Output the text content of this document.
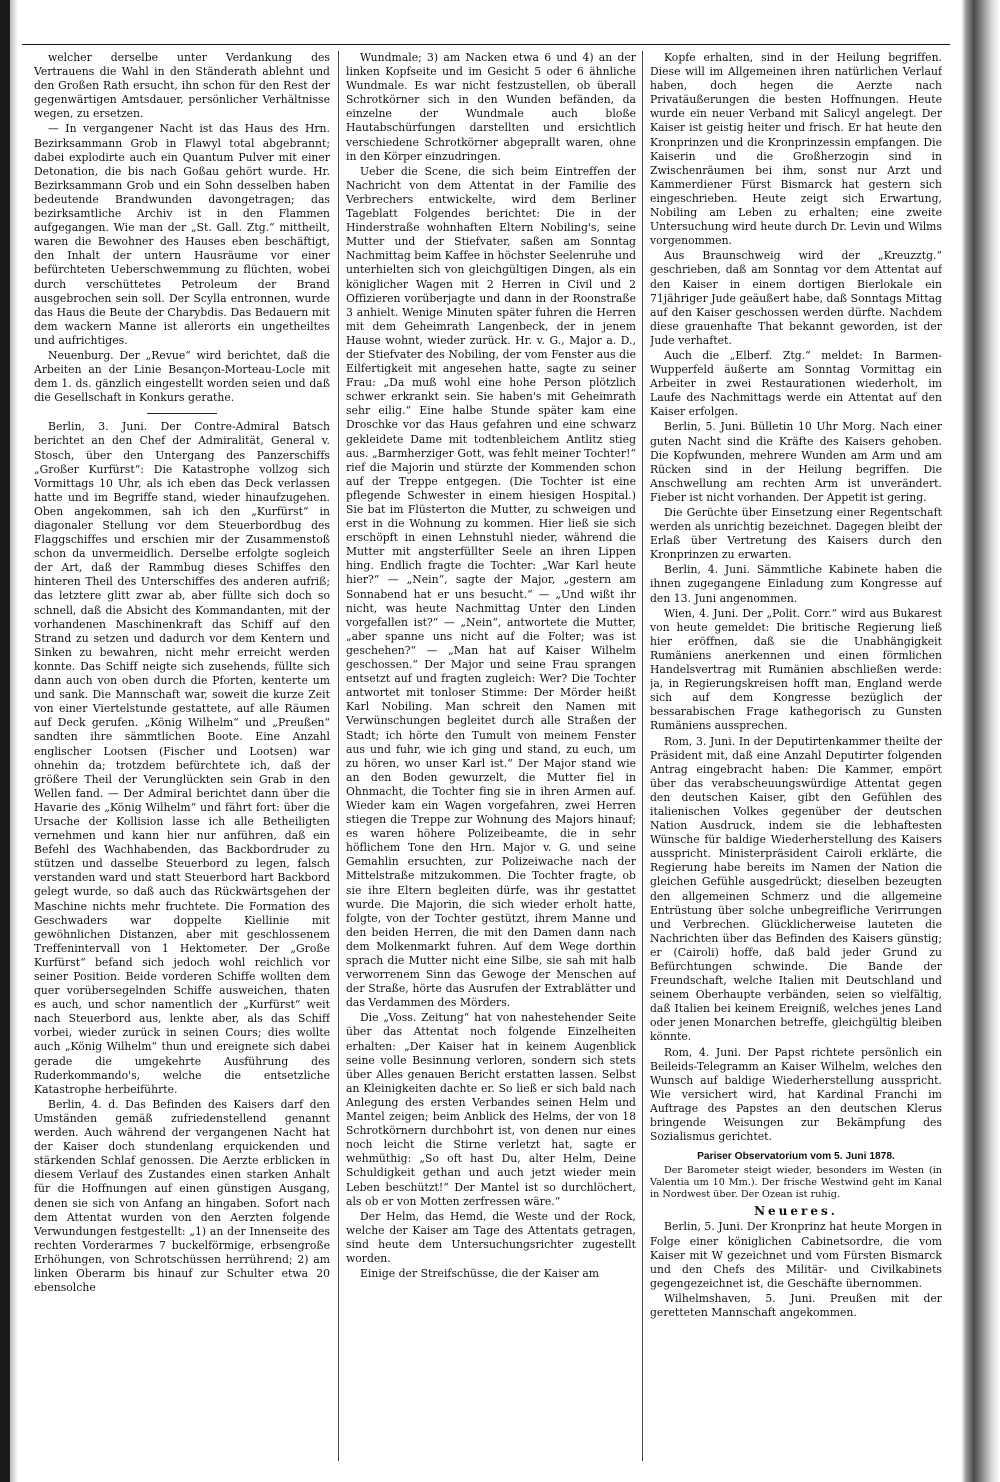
welcher derselbe unter Verdankung des Vertrauens die Wahl in den Ständerath ablehnt und den Großen Rath ersucht, ihn schon für den Rest der gegenwärtigen Amtsdauer, persönlicher Verhältnisse wegen, zu ersetzen.

— In vergangener Nacht ist das Haus des Hrn. Bezirksammann Grob in Flawyl total abgebrannt; dabei explodirte auch ein Quantum Pulver mit einer Detonation, die bis nach Goßau gehört wurde. Hr. Bezirksammann Grob und ein Sohn desselben haben bedeutende Brandwunden davongetragen; das bezirksamtliche Archiv ist in den Flammen aufgegangen. Wie man der „St. Gall. Ztg.“ mittheilt, waren die Bewohner des Hauses eben beschäftigt, den Inhalt der untern Hausräume vor einer befürchteten Ueberschwemmung zu flüchten, wobei durch verschüttetes Petroleum der Brand ausgebrochen sein soll. Der Scylla entronnen, wurde das Haus die Beute der Charybdis. Das Bedauern mit dem wackern Manne ist allerorts ein ungetheiltes und aufrichtiges.

Neuenburg. Der „Revue“ wird berichtet, daß die Arbeiten an der Linie Besançon-Morteau-Locle mit dem 1. ds. gänzlich eingestellt worden seien und daß die Gesellschaft in Konkurs gerathe.

Berlin, 3. Juni. Der Contre-Admiral Batsch berichtet an den Chef der Admiralität, General v. Stosch, über den Untergang des Panzerschiffs „Großer Kurfürst“: Die Katastrophe vollzog sich Vormittags 10 Uhr, als ich eben das Deck verlassen hatte und im Begriffe stand, wieder hinaufzugehen. Oben angekommen, sah ich den „Kurfürst“ in diagonaler Stellung vor dem Steuerbordbug des Flaggschiffes und erschien mir der Zusammenstoß schon da unvermeidlich. Derselbe erfolgte sogleich der Art, daß der Rammbug dieses Schiffes den hinteren Theil des Unterschiffes des anderen aufriß; das letztere glitt zwar ab, aber füllte sich doch so schnell, daß die Absicht des Kommandanten, mit der vorhandenen Maschinenkraft das Schiff auf den Strand zu setzen und dadurch vor dem Kentern und Sinken zu bewahren, nicht mehr erreicht werden konnte. Das Schiff neigte sich zusehends, füllte sich dann auch von oben durch die Pforten, kenterte um und sank. Die Mannschaft war, soweit die kurze Zeit von einer Viertelstunde gestattete, auf alle Räumen auf Deck gerufen. „König Wilhelm“ und „Preußen“ sandten ihre sämmtlichen Boote. Eine Anzahl englischer Lootsen (Fischer und Lootsen) war ohnehin da; trotzdem befürchtete ich, daß der größere Theil der Verunglückten sein Grab in den Wellen fand. — Der Admiral berichtet dann über die Havarie des „König Wilhelm“ und fährt fort: über die Ursache der Kollision lasse ich alle Betheiligten vernehmen und kann hier nur anführen, daß ein Befehl des Wachhabenden, das Backbordruder zu stützen und dasselbe Steuerbord zu legen, falsch verstanden ward und statt Steuerbord hart Backbord gelegt wurde, so daß auch das Rückwärtsgehen der Maschine nichts mehr fruchtete. Die Formation des Geschwaders war doppelte Kiellinie mit gewöhnlichen Distanzen, aber mit geschlossenem Treffenintervall von 1 Hektometer. Der „Große Kurfürst“ befand sich jedoch wohl reichlich vor seiner Position. Beide vorderen Schiffe wollten dem quer vorübersegelnden Schiffe ausweichen, thaten es auch, und schor namentlich der „Kurfürst“ weit nach Steuerbord aus, lenkte aber, als das Schiff vorbei, wieder zurück in seinen Cours; dies wollte auch „König Wilhelm“ thun und ereignete sich dabei gerade die umgekehrte Ausführung des Ruderkommando's, welche die entsetzliche Katastrophe herbeiführte.

Berlin, 4. d. Das Befinden des Kaisers darf den Umständen gemäß zufriedenstellend genannt werden. Auch während der vergangenen Nacht hat der Kaiser doch stundenlang erquickenden und stärkenden Schlaf genossen. Die Aerzte erblicken in diesem Verlauf des Zustandes einen starken Anhalt für die Hoffnungen auf einen günstigen Ausgang, denen sie sich von Anfang an hingaben. Sofort nach dem Attentat wurden von den Aerzten folgende Verwundungen festgestellt: „1) an der Innenseite des rechten Vorderarmes 7 buckelförmige, erbsengroße Erhöhungen, von Schrotschüssen herrührend; 2) am linken Oberarm bis hinauf zur Schulter etwa 20 ebensolche

Wundmale; 3) am Nacken etwa 6 und 4) an der linken Kopfseite und im Gesicht 5 oder 6 ähnliche Wundmale. Es war nicht festzustellen, ob überall Schrotkörner sich in den Wunden befänden, da einzelne der Wundmale auch bloße Hautabschürfungen darstellten und ersichtlich verschiedene Schrotkörner abgeprallt waren, ohne in den Körper einzudringen.

Ueber die Scene, die sich beim Eintreffen der Nachricht von dem Attentat in der Familie des Verbrechers entwickelte, wird dem Berliner Tageblatt Folgendes berichtet: Die in der Hinderstraße wohnhaften Eltern Nobiling's, seine Mutter und der Stiefvater, saßen am Sonntag Nachmittag beim Kaffee in höchster Seelenruhe und unterhielten sich von gleichgültigen Dingen, als ein königlicher Wagen mit 2 Herren in Civil und 2 Offizieren vorüberjagte und dann in der Roonstraße 3 anhielt. Wenige Minuten später fuhren die Herren mit dem Geheimrath Langenbeck, der in jenem Hause wohnt, wieder zurück. Hr. v. G., Major a. D., der Stiefvater des Nobiling, der vom Fenster aus die Eilfertigkeit mit angesehen hatte, sagte zu seiner Frau: „Da muß wohl eine hohe Person plötzlich schwer erkrankt sein. Sie haben's mit Geheimrath sehr eilig.“ Eine halbe Stunde später kam eine Droschke vor das Haus gefahren und eine schwarz gekleidete Dame mit todtenbleichem Antlitz stieg aus. „Barmherziger Gott, was fehlt meiner Tochter!“ rief die Majorin und stürzte der Kommenden schon auf der Treppe entgegen. (Die Tochter ist eine pflegende Schwester in einem hiesigen Hospital.) Sie bat im Flüsterton die Mutter, zu schweigen und erst in die Wohnung zu kommen. Hier ließ sie sich erschöpft in einen Lehnstuhl nieder, während die Mutter mit angsterfüllter Seele an ihren Lippen hing. Endlich fragte die Tochter: „War Karl heute hier?“ — „Nein“, sagte der Major, „gestern am Sonnabend hat er uns besucht.“ — „Und wißt ihr nicht, was heute Nachmittag Unter den Linden vorgefallen ist?“ — „Nein“, antwortete die Mutter, „aber spanne uns nicht auf die Folter; was ist geschehen?“ — „Man hat auf Kaiser Wilhelm geschossen.“ Der Major und seine Frau sprangen entsetzt auf und fragten zugleich: Wer? Die Tochter antwortet mit tonloser Stimme: Der Mörder heißt Karl Nobiling. Man schreit den Namen mit Verwünschungen begleitet durch alle Straßen der Stadt; ich hörte den Tumult von meinem Fenster aus und fuhr, wie ich ging und stand, zu euch, um zu hören, wo unser Karl ist.“ Der Major stand wie an den Boden gewurzelt, die Mutter fiel in Ohnmacht, die Tochter fing sie in ihren Armen auf. Wieder kam ein Wagen vorgefahren, zwei Herren stiegen die Treppe zur Wohnung des Majors hinauf; es waren höhere Polizeibeamte, die in sehr höflichem Tone den Hrn. Major v. G. und seine Gemahlin ersuchten, zur Polizeiwache nach der Mittelstraße mitzukommen. Die Tochter fragte, ob sie ihre Eltern begleiten dürfe, was ihr gestattet wurde. Die Majorin, die sich wieder erholt hatte, folgte, von der Tochter gestützt, ihrem Manne und den beiden Herren, die mit den Damen dann nach dem Molkenmarkt fuhren. Auf dem Wege dorthin sprach die Mutter nicht eine Silbe, sie sah mit halb verworrenem Sinn das Gewoge der Menschen auf der Straße, hörte das Ausrufen der Extrablätter und das Verdammen des Mörders.

Die „Voss. Zeitung“ hat von nahestehender Seite über das Attentat noch folgende Einzelheiten erhalten: „Der Kaiser hat in keinem Augenblick seine volle Besinnung verloren, sondern sich stets über Alles genauen Bericht erstatten lassen. Selbst an Kleinigkeiten dachte er. So ließ er sich bald nach Anlegung des ersten Verbandes seinen Helm und Mantel zeigen; beim Anblick des Helms, der von 18 Schrotkörnern durchbohrt ist, von denen nur eines noch leicht die Stirne verletzt hat, sagte er wehmüthig: „So oft hast Du, alter Helm, Deine Schuldigkeit gethan und auch jetzt wieder mein Leben beschützt!“ Der Mantel ist so durchlöchert, als ob er von Motten zerfressen wäre.“

Der Helm, das Hemd, die Weste und der Rock, welche der Kaiser am Tage des Attentats getragen, sind heute dem Untersuchungsrichter zugestellt worden.

Einige der Streifschüsse, die der Kaiser am

Kopfe erhalten, sind in der Heilung begriffen. Diese will im Allgemeinen ihren natürlichen Verlauf haben, doch hegen die Aerzte nach Privatäußerungen die besten Hoffnungen. Heute wurde ein neuer Verband mit Salicyl angelegt. Der Kaiser ist geistig heiter und frisch. Er hat heute den Kronprinzen und die Kronprinzessin empfangen. Die Kaiserin und die Großherzogin sind in Zwischenräumen bei ihm, sonst nur Arzt und Kammerdiener Fürst Bismarck hat gestern sich eingeschrieben. Heute zeigt sich Erwartung, Nobiling am Leben zu erhalten; eine zweite Untersuchung wird heute durch Dr. Levin und Wilms vorgenommen.

Aus Braunschweig wird der „Kreuzztg.“ geschrieben, daß am Sonntag vor dem Attentat auf den Kaiser in einem dortigen Bierlokale ein 71jähriger Jude geäußert habe, daß Sonntags Mittag auf den Kaiser geschossen werden dürfte. Nachdem diese grauenhafte That bekannt geworden, ist der Jude verhaftet.

Auch die „Elberf. Ztg.“ meldet: In Barmen-Wupperfeld äußerte am Sonntag Vormittag ein Arbeiter in zwei Restaurationen wiederholt, im Laufe des Nachmittags werde ein Attentat auf den Kaiser erfolgen.

Berlin, 5. Juni. Bülletin 10 Uhr Morg. Nach einer guten Nacht sind die Kräfte des Kaisers gehoben. Die Kopfwunden, mehrere Wunden am Arm und am Rücken sind in der Heilung begriffen. Die Anschwellung am rechten Arm ist unverändert. Fieber ist nicht vorhanden. Der Appetit ist gering.

Die Gerüchte über Einsetzung einer Regentschaft werden als unrichtig bezeichnet. Dagegen bleibt der Erlaß über Vertretung des Kaisers durch den Kronprinzen zu erwarten.

Berlin, 4. Juni. Sämmtliche Kabinete haben die ihnen zugegangene Einladung zum Kongresse auf den 13. Juni angenommen.

Wien, 4. Juni. Der „Polit. Corr.“ wird aus Bukarest von heute gemeldet: Die britische Regierung ließ hier eröffnen, daß sie die Unabhängigkeit Rumäniens anerkennen und einen förmlichen Handelsvertrag mit Rumänien abschließen werde: ja, in Regierungskreisen hofft man, England werde sich auf dem Kongresse bezüglich der bessarabischen Frage kathegorisch zu Gunsten Rumäniens aussprechen.

Rom, 3. Juni. In der Deputirtenkammer theilte der Präsident mit, daß eine Anzahl Deputirter folgenden Antrag eingebracht haben: Die Kammer, empört über das verabscheuungswürdige Attentat gegen den deutschen Kaiser, gibt den Gefühlen des italienischen Volkes gegenüber der deutschen Nation Ausdruck, indem sie die lebhaftesten Wünsche für baldige Wiederherstellung des Kaisers ausspricht. Ministerpräsident Cairoli erklärte, die Regierung habe bereits im Namen der Nation die gleichen Gefühle ausgedrückt; dieselben bezeugten den allgemeinen Schmerz und die allgemeine Entrüstung über solche unbegreifliche Verirrungen und Verbrechen. Glücklicherweise lauteten die Nachrichten über das Befinden des Kaisers günstig; er (Cairoli) hoffe, daß bald jeder Grund zu Befürchtungen schwinde. Die Bande der Freundschaft, welche Italien mit Deutschland und seinem Oberhaupte verbänden, seien so vielfältig, daß Italien bei keinem Ereigniß, welches jenes Land oder jenen Monarchen betreffe, gleichgültig bleiben könnte.

Rom, 4. Juni. Der Papst richtete persönlich ein Beileids-Telegramm an Kaiser Wilhelm, welches den Wunsch auf baldige Wiederherstellung ausspricht. Wie versichert wird, hat Kardinal Franchi im Auftrage des Papstes an den deutschen Klerus bringende Weisungen zur Bekämpfung des Sozialismus gerichtet.

Pariser Observatorium vom 5. Juni 1878.
Der Barometer steigt wieder, besonders im Westen (in Valentia um 10 Mm.). Der frische Westwind geht im Kanal in Nordwest über. Der Ozean ist ruhig.
Neueres.

Berlin, 5. Juni. Der Kronprinz hat heute Morgen in Folge einer königlichen Cabinetsordre, die vom Kaiser mit W gezeichnet und vom Fürsten Bismarck und den Chefs des Militär- und Civilkabinets gegengezeichnet ist, die Geschäfte übernommen.

Wilhelmshaven, 5. Juni. Preußen mit der geretteten Mannschaft angekommen.
